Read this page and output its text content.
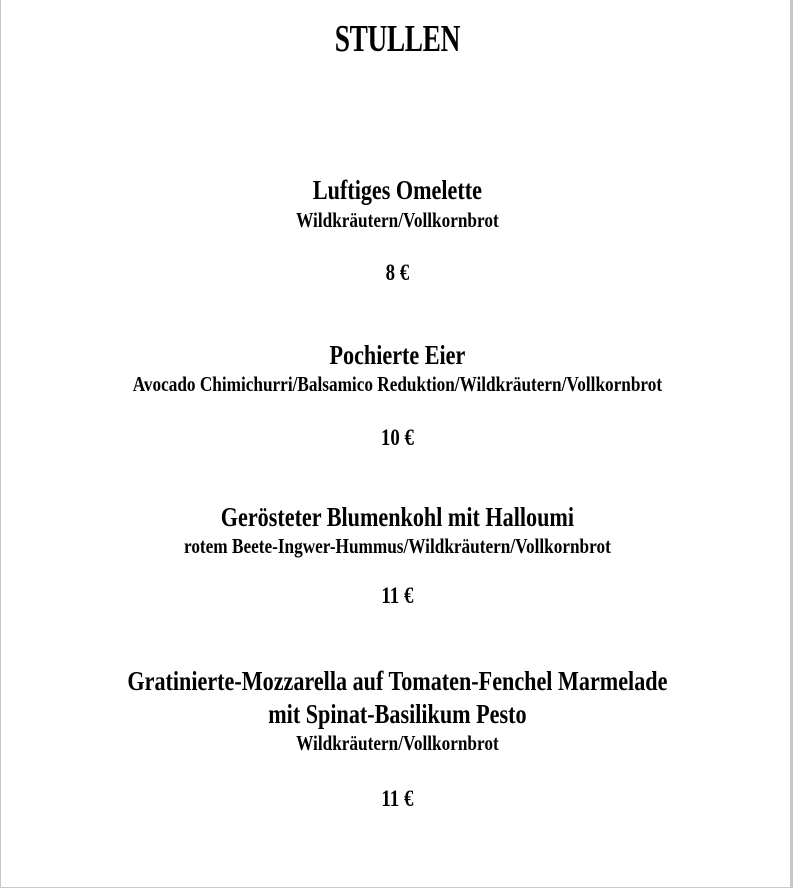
STULLEN
Luftiges Omelette
Wildkräutern/Vollkornbrot
8 €
Pochierte Eier
Avocado Chimichurri/Balsamico Reduktion/Wildkräutern/Vollkornbrot
10 €
Gerösteter Blumenkohl mit Halloumi
rotem Beete-Ingwer-Hummus/Wildkräutern/Vollkornbrot
11 €
Gratinierte-Mozzarella auf Tomaten-Fenchel Marmelade
mit Spinat-Basilikum Pesto
Wildkräutern/Vollkornbrot
11 €
